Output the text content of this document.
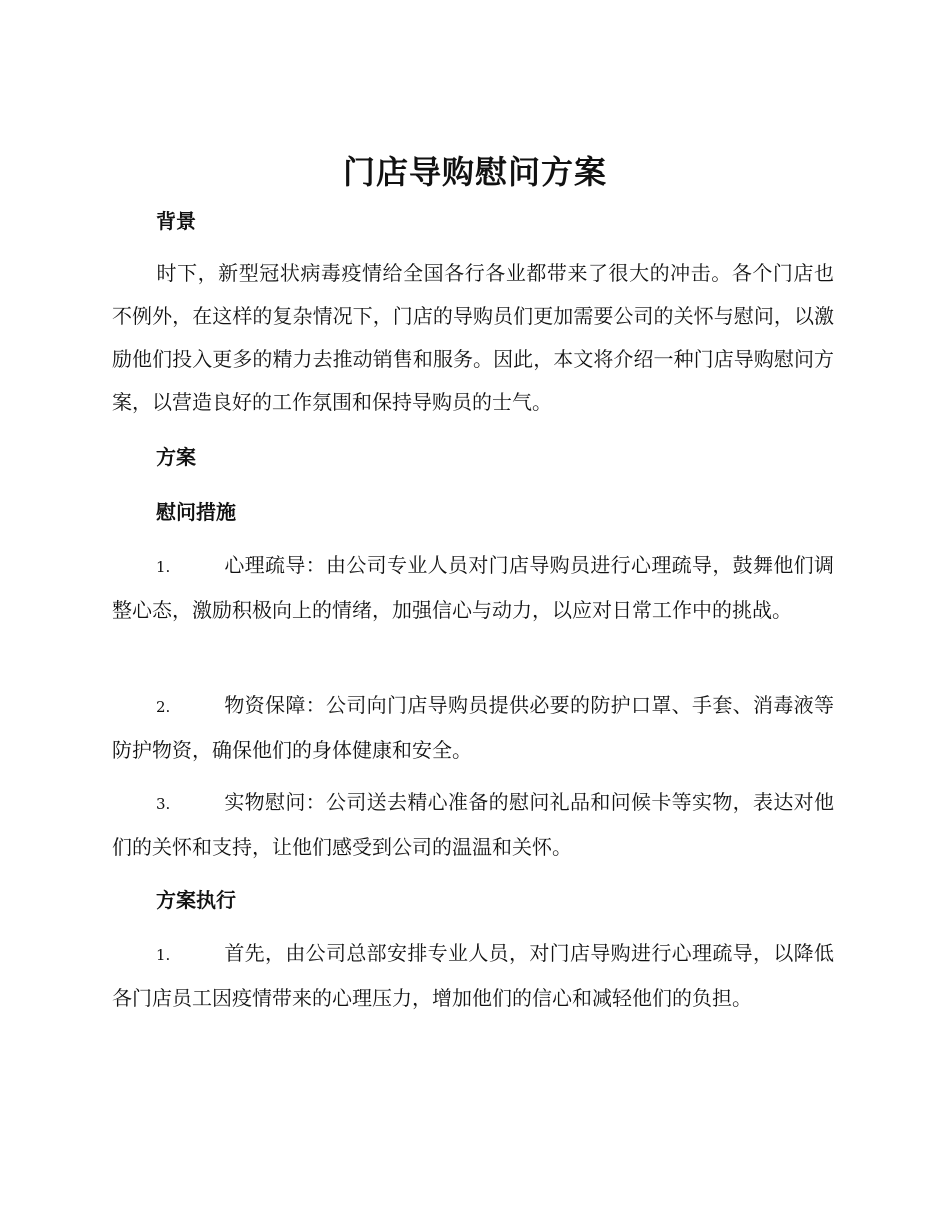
门店导购慰问方案
背景
时下，新型冠状病毒疫情给全国各行各业都带来了很大的冲击。各个门店也不例外，在这样的复杂情况下，门店的导购员们更加需要公司的关怀与慰问，以激励他们投入更多的精力去推动销售和服务。因此，本文将介绍一种门店导购慰问方案，以营造良好的工作氛围和保持导购员的士气。
方案
慰问措施
1.	心理疏导：由公司专业人员对门店导购员进行心理疏导，鼓舞他们调整心态，激励积极向上的情绪，加强信心与动力，以应对日常工作中的挑战。
2.	物资保障：公司向门店导购员提供必要的防护口罩、手套、消毒液等防护物资，确保他们的身体健康和安全。
3.	实物慰问：公司送去精心准备的慰问礼品和问候卡等实物，表达对他们的关怀和支持，让他们感受到公司的温温和关怀。
方案执行
1.	首先，由公司总部安排专业人员，对门店导购进行心理疏导，以降低各门店员工因疫情带来的心理压力，增加他们的信心和减轻他们的负担。
